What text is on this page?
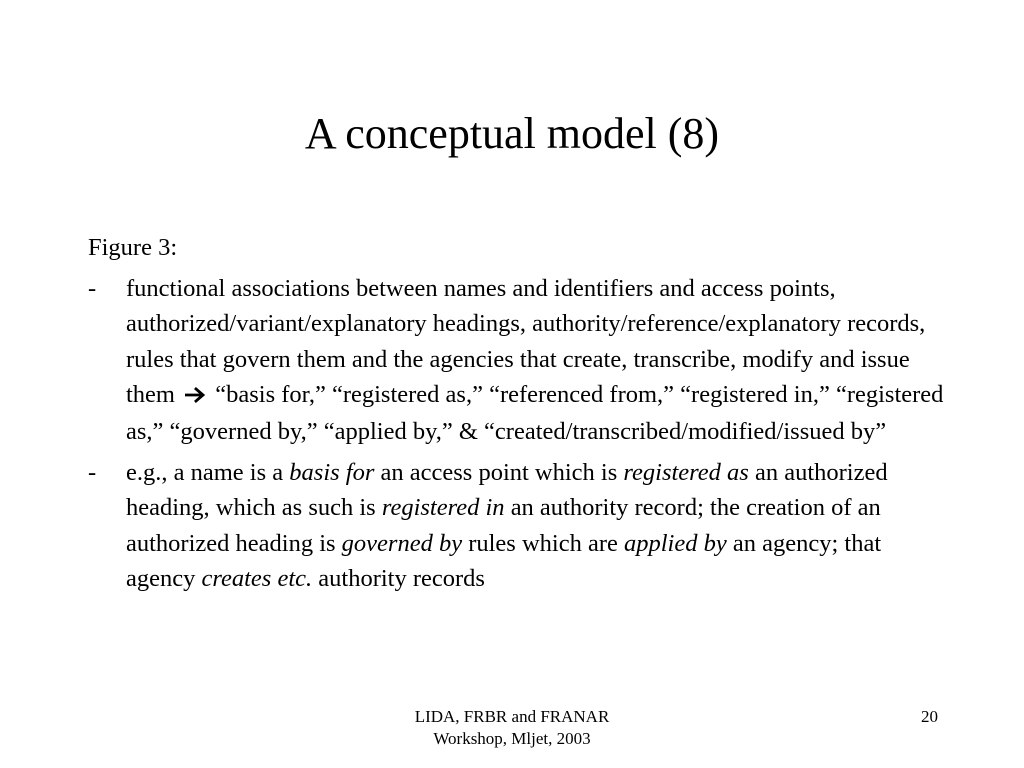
A conceptual model (8)

Figure 3:

- functional associations between names and identifiers and access points, authorized/variant/explanatory headings, authority/reference/explanatory records, rules that govern them and the agencies that create, transcribe, modify and issue them “basis for,” “registered as,” “referenced from,” “registered in,” “registered as,” “governed by,” “applied by,” & “created/transcribed/modified/issued by”
- e.g., a name is a basis for an access point which is registered as an authorized heading, which as such is registered in an authority record; the creation of an authorized heading is governed by rules which are applied by an agency; that agency creates etc. authority records
LIDA, FRBR and FRANAR
Workshop, Mljet, 2003
20
